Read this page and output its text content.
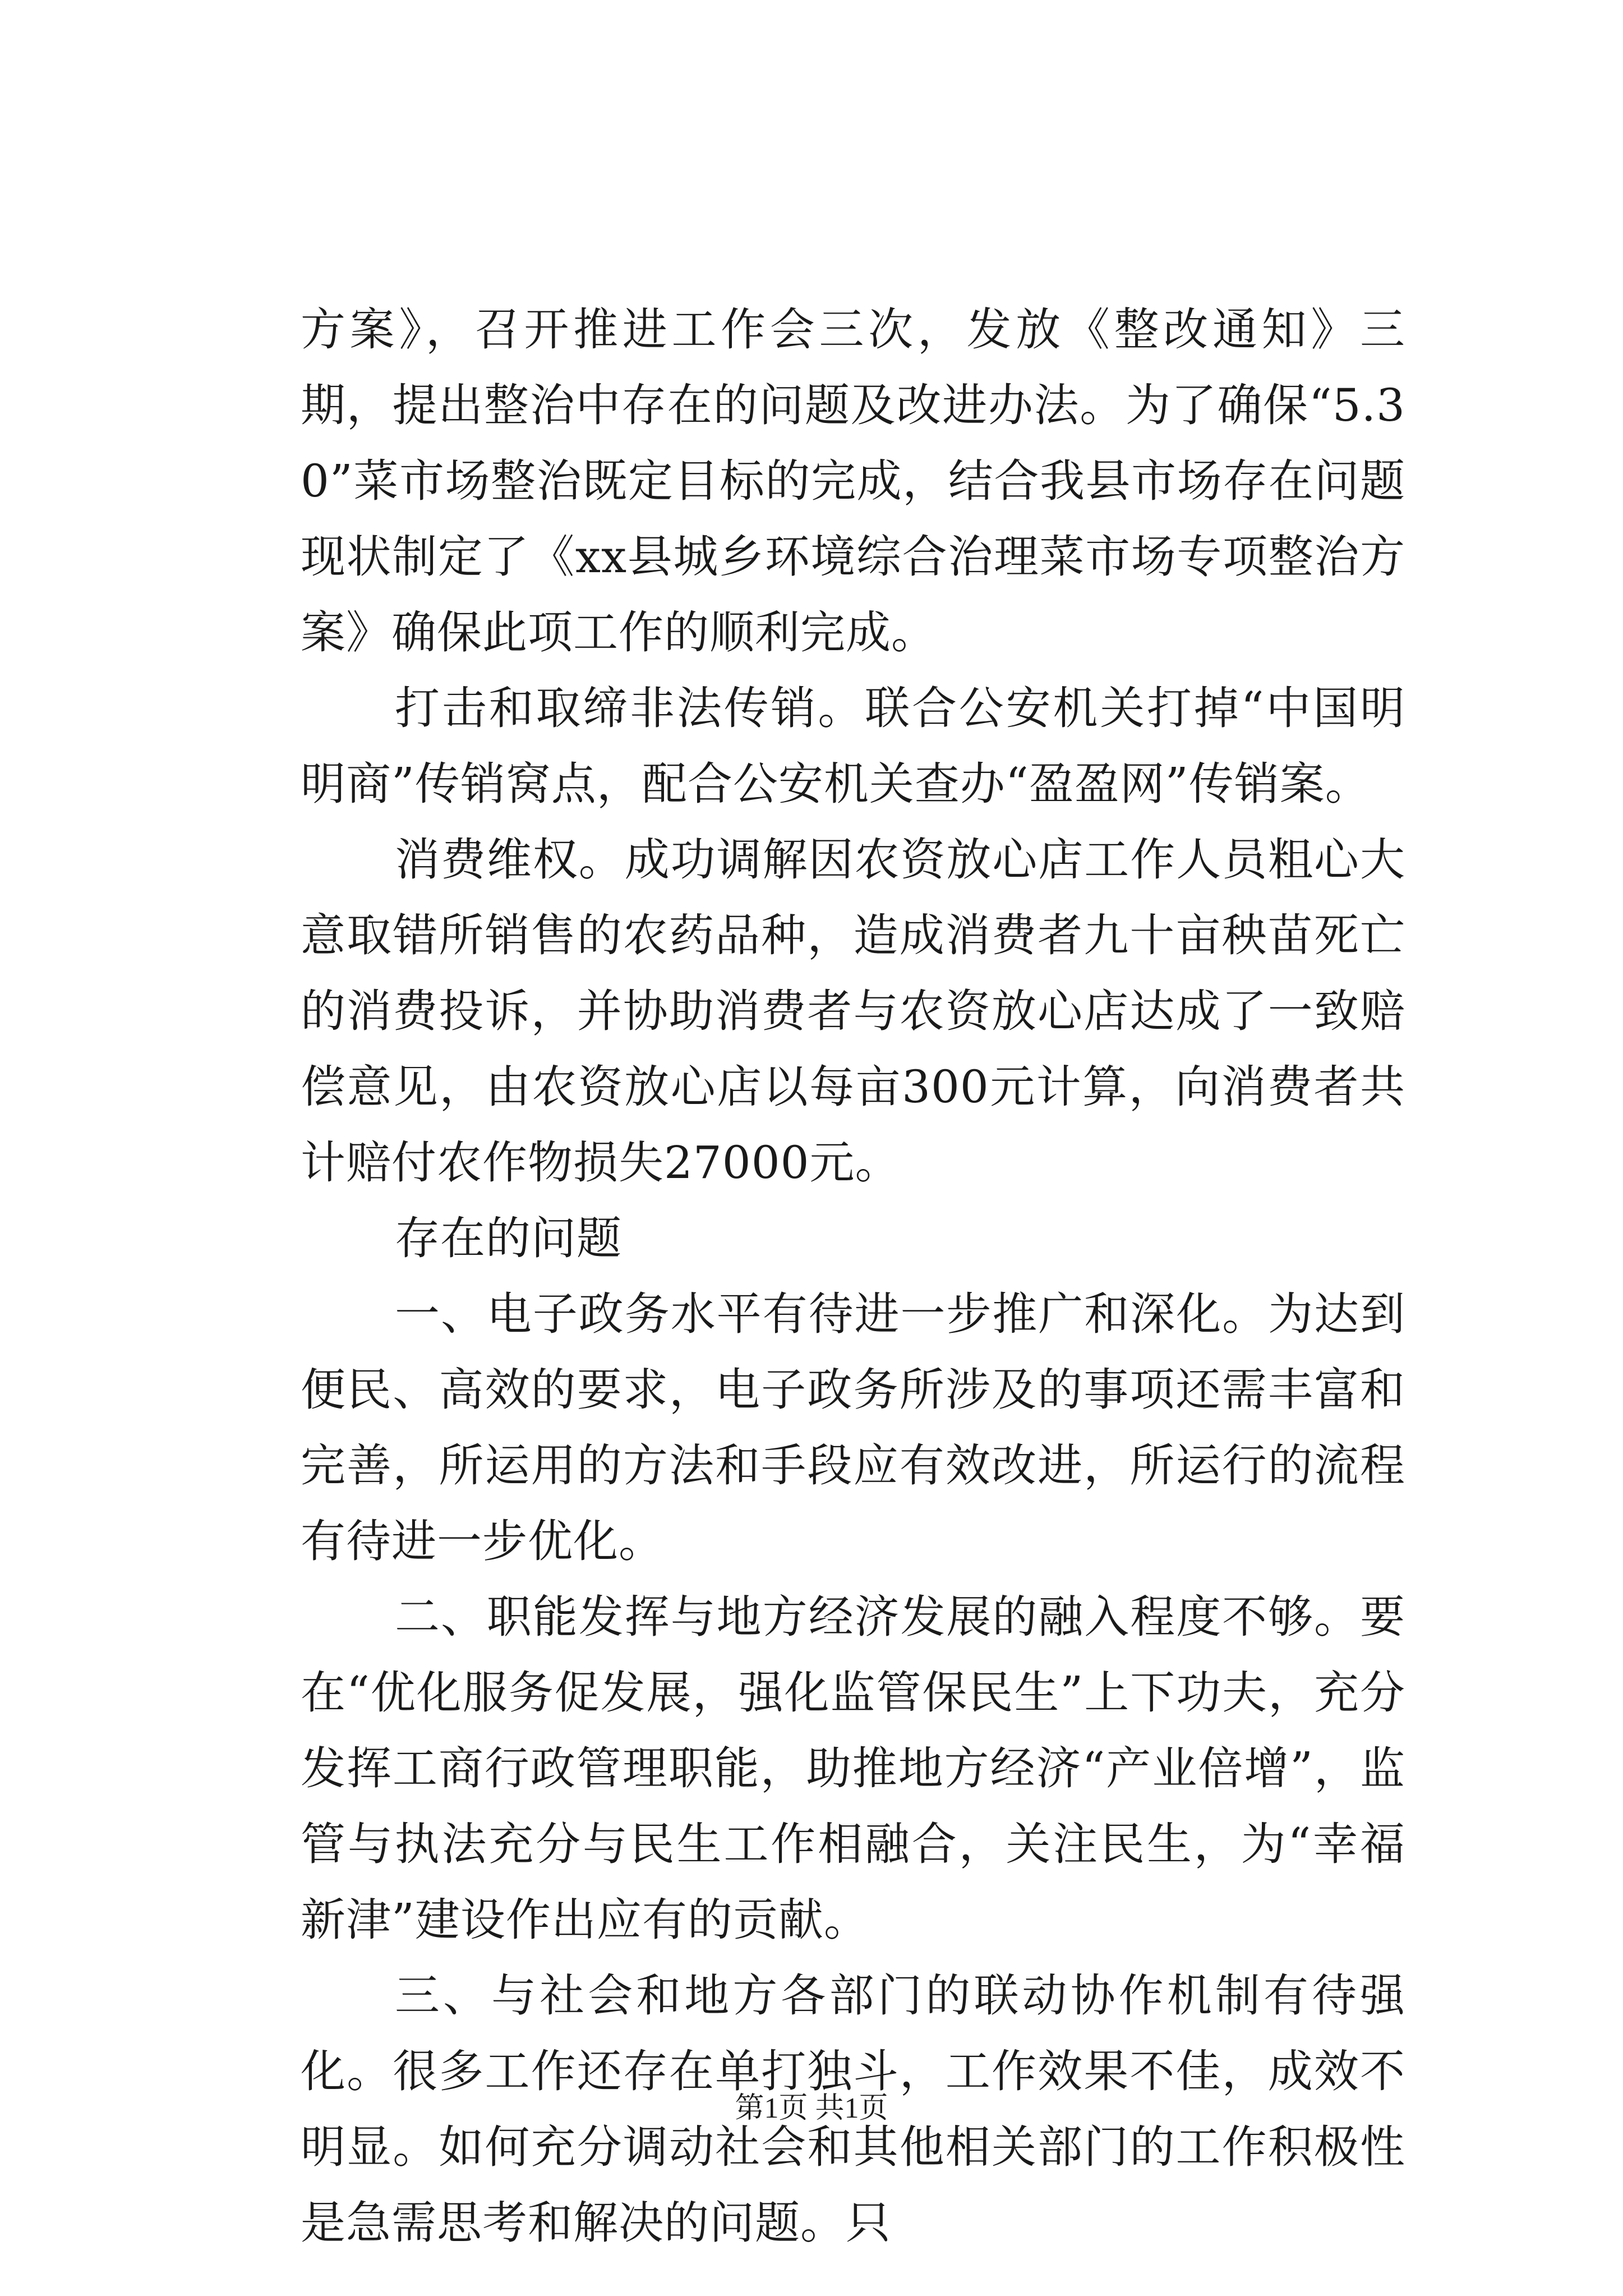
方案》，召开推进工作会三次，发放《整改通知》三期，提出整治中存在的问题及改进办法。为了确保“5.30”菜市场整治既定目标的完成，结合我县市场存在问题现状制定了《xx县城乡环境综合治理菜市场专项整治方案》确保此项工作的顺利完成。

打击和取缔非法传销。联合公安机关打掉“中国明明商”传销窝点，配合公安机关查办“盈盈网”传销案。

消费维权。成功调解因农资放心店工作人员粗心大意取错所销售的农药品种，造成消费者九十亩秧苗死亡的消费投诉，并协助消费者与农资放心店达成了一致赔偿意见，由农资放心店以每亩300元计算，向消费者共计赔付农作物损失27000元。

存在的问题

一、电子政务水平有待进一步推广和深化。为达到便民、高效的要求，电子政务所涉及的事项还需丰富和完善，所运用的方法和手段应有效改进，所运行的流程有待进一步优化。

二、职能发挥与地方经济发展的融入程度不够。要在“优化服务促发展，强化监管保民生”上下功夫，充分发挥工商行政管理职能，助推地方经济“产业倍增”，监管与执法充分与民生工作相融合，关注民生，为“幸福新津”建设作出应有的贡献。

三、与社会和地方各部门的联动协作机制有待强化。很多工作还存在单打独斗，工作效果不佳，成效不明显。如何充分调动社会和其他相关部门的工作积极性是急需思考和解决的问题。只

第1页 共1页
